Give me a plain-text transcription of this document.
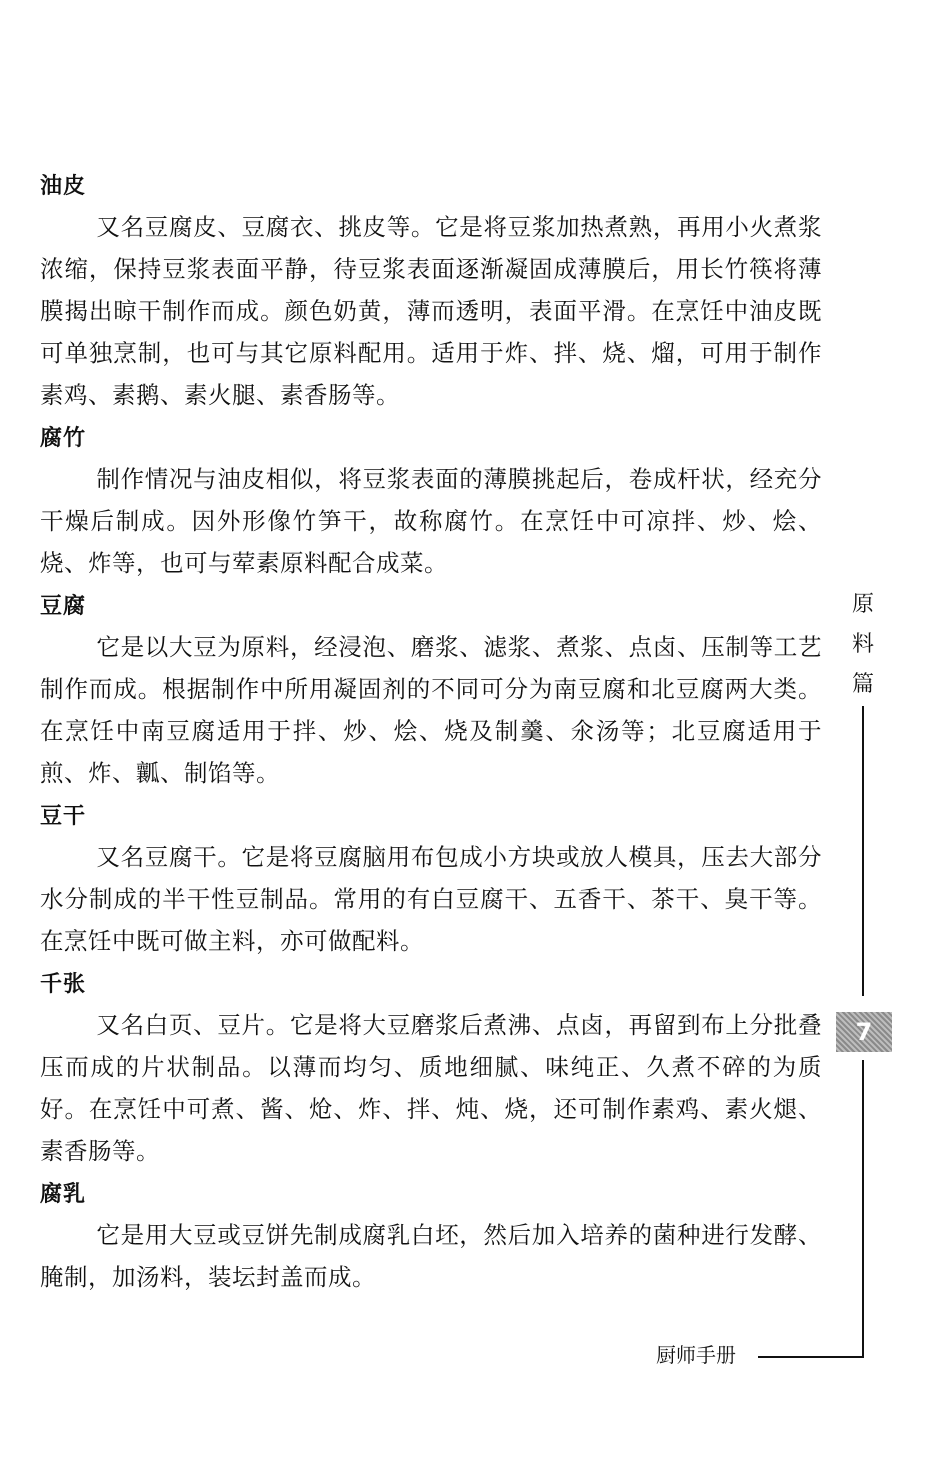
油皮

又名豆腐皮、豆腐衣、挑皮等。它是将豆浆加热煮熟，再用小火煮浆浓缩，保持豆浆表面平静，待豆浆表面逐渐凝固成薄膜后，用长竹筷将薄膜揭出晾干制作而成。颜色奶黄，薄而透明，表面平滑。在烹饪中油皮既可单独烹制，也可与其它原料配用。适用于炸、拌、烧、熘，可用于制作素鸡、素鹅、素火腿、素香肠等。

腐竹

制作情况与油皮相似，将豆浆表面的薄膜挑起后，卷成杆状，经充分干燥后制成。因外形像竹笋干，故称腐竹。在烹饪中可凉拌、炒、烩、烧、炸等，也可与荤素原料配合成菜。

豆腐

它是以大豆为原料，经浸泡、磨浆、滤浆、煮浆、点卤、压制等工艺制作而成。根据制作中所用凝固剂的不同可分为南豆腐和北豆腐两大类。在烹饪中南豆腐适用于拌、炒、烩、烧及制羹、氽汤等；北豆腐适用于煎、炸、瓤、制馅等。

豆干

又名豆腐干。它是将豆腐脑用布包成小方块或放人模具，压去大部分水分制成的半干性豆制品。常用的有白豆腐干、五香干、茶干、臭干等。在烹饪中既可做主料，亦可做配料。

千张

又名白页、豆片。它是将大豆磨浆后煮沸、点卤，再留到布上分批叠压而成的片状制品。以薄而均匀、质地细腻、味纯正、久煮不碎的为质好。在烹饪中可煮、酱、炝、炸、拌、炖、烧，还可制作素鸡、素火煺、素香肠等。

腐乳

它是用大豆或豆饼先制成腐乳白坯，然后加入培养的菌种进行发酵、腌制，加汤料，装坛封盖而成。

原
料
篇
7
厨师手册
